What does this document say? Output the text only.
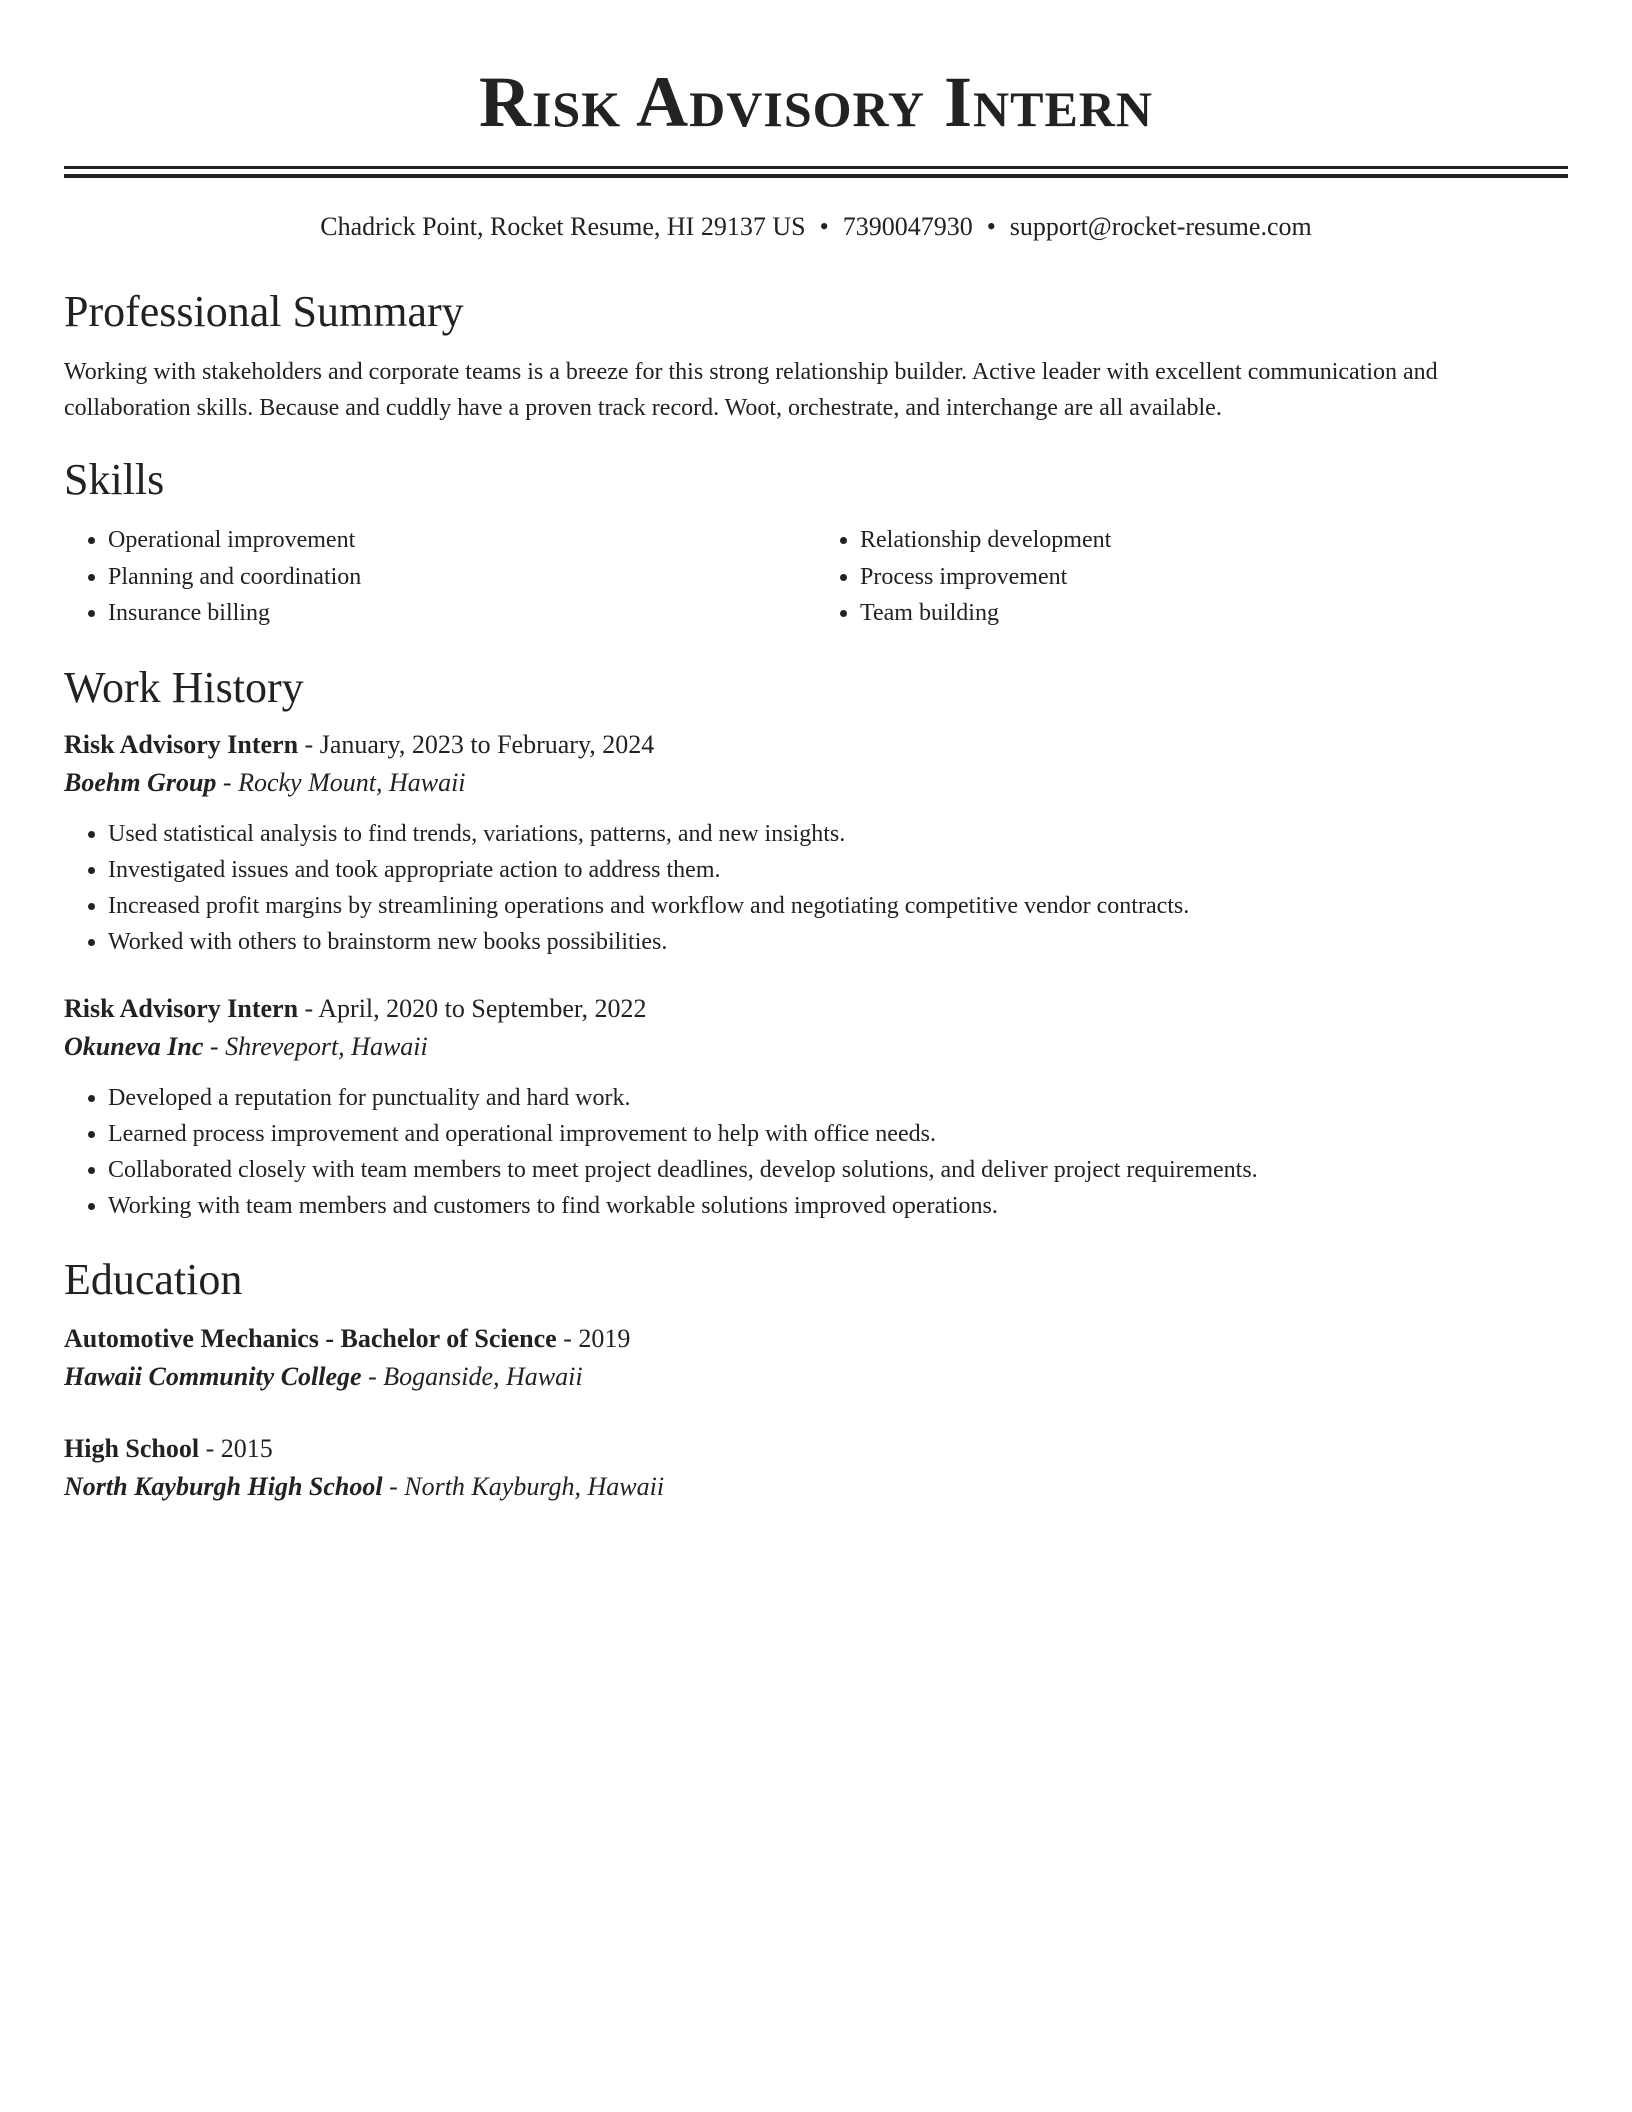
Risk Advisory Intern
Chadrick Point, Rocket Resume, HI 29137 US • 7390047930 • support@rocket-resume.com
Professional Summary

Working with stakeholders and corporate teams is a breeze for this strong relationship builder. Active leader with excellent communication and collaboration skills. Because and cuddly have a proven track record. Woot, orchestrate, and interchange are all available.

Skills
• Operational improvement
• Planning and coordination
• Insurance billing
• Relationship development
• Process improvement
• Team building
Work History
Risk Advisory Intern - January, 2023 to February, 2024
Boehm Group - Rocky Mount, Hawaii
• Used statistical analysis to find trends, variations, patterns, and new insights.
• Investigated issues and took appropriate action to address them.
• Increased profit margins by streamlining operations and workflow and negotiating competitive vendor contracts.
• Worked with others to brainstorm new books possibilities.
Risk Advisory Intern - April, 2020 to September, 2022
Okuneva Inc - Shreveport, Hawaii
• Developed a reputation for punctuality and hard work.
• Learned process improvement and operational improvement to help with office needs.
• Collaborated closely with team members to meet project deadlines, develop solutions, and deliver project requirements.
• Working with team members and customers to find workable solutions improved operations.
Education
Automotive Mechanics - Bachelor of Science - 2019
Hawaii Community College - Boganside, Hawaii
High School - 2015
North Kayburgh High School - North Kayburgh, Hawaii
